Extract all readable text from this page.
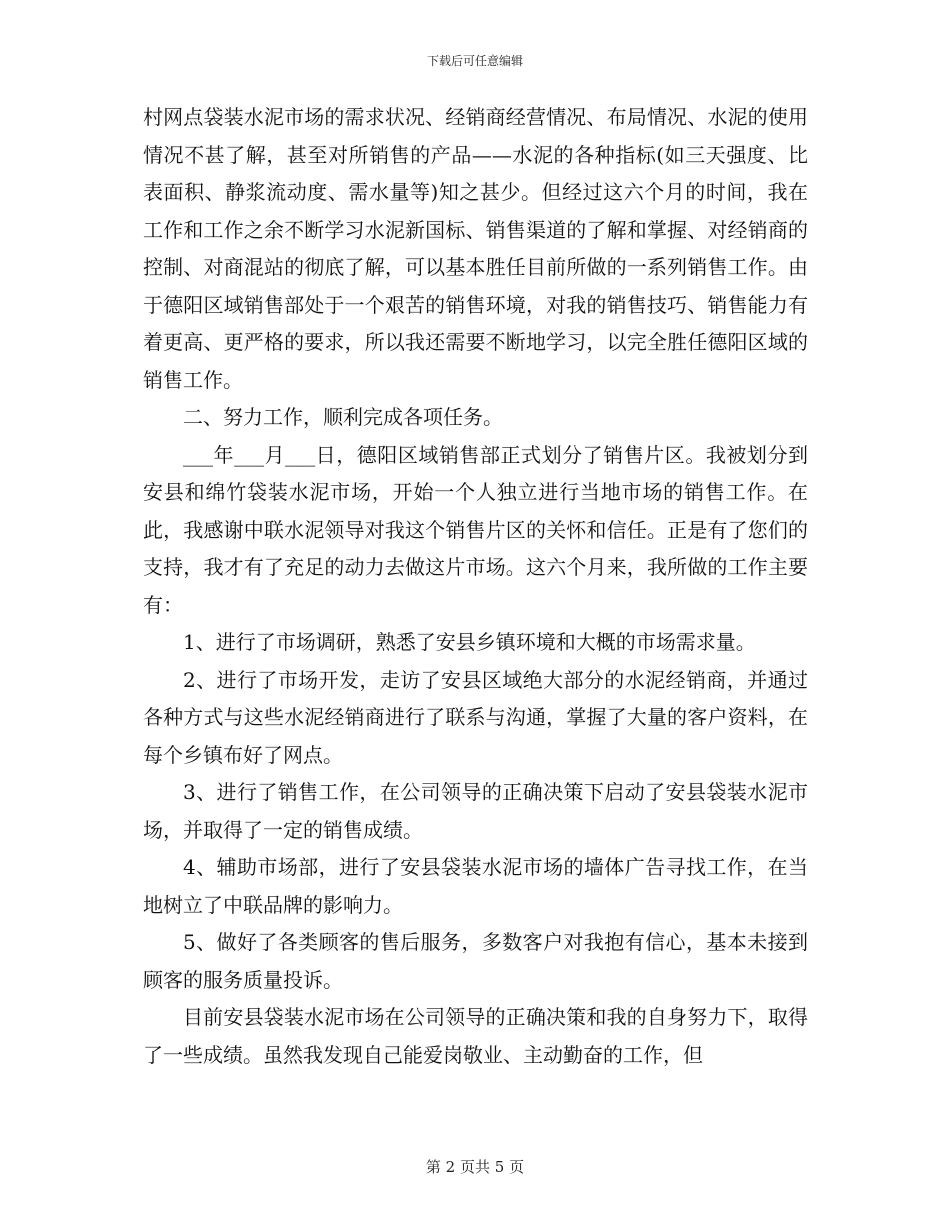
下载后可任意编辑

村网点袋装水泥市场的需求状况、经销商经营情况、布局情况、水泥的使用情况不甚了解，甚至对所销售的产品——水泥的各种指标(如三天强度、比表面积、静浆流动度、需水量等)知之甚少。但经过这六个月的时间，我在工作和工作之余不断学习水泥新国标、销售渠道的了解和掌握、对经销商的控制、对商混站的彻底了解，可以基本胜任目前所做的一系列销售工作。由于德阳区域销售部处于一个艰苦的销售环境，对我的销售技巧、销售能力有着更高、更严格的要求，所以我还需要不断地学习，以完全胜任德阳区域的销售工作。

二、努力工作，顺利完成各项任务。

___年___月___日，德阳区域销售部正式划分了销售片区。我被划分到安县和绵竹袋装水泥市场，开始一个人独立进行当地市场的销售工作。在此，我感谢中联水泥领导对我这个销售片区的关怀和信任。正是有了您们的支持，我才有了充足的动力去做这片市场。这六个月来，我所做的工作主要有：

1、进行了市场调研，熟悉了安县乡镇环境和大概的市场需求量。

2、进行了市场开发，走访了安县区域绝大部分的水泥经销商，并通过各种方式与这些水泥经销商进行了联系与沟通，掌握了大量的客户资料，在每个乡镇布好了网点。

3、进行了销售工作，在公司领导的正确决策下启动了安县袋装水泥市场，并取得了一定的销售成绩。

4、辅助市场部，进行了安县袋装水泥市场的墙体广告寻找工作，在当地树立了中联品牌的影响力。

5、做好了各类顾客的售后服务，多数客户对我抱有信心，基本未接到顾客的服务质量投诉。

目前安县袋装水泥市场在公司领导的正确决策和我的自身努力下，取得了一些成绩。虽然我发现自己能爱岗敬业、主动勤奋的工作，但

第 2 页共 5 页
